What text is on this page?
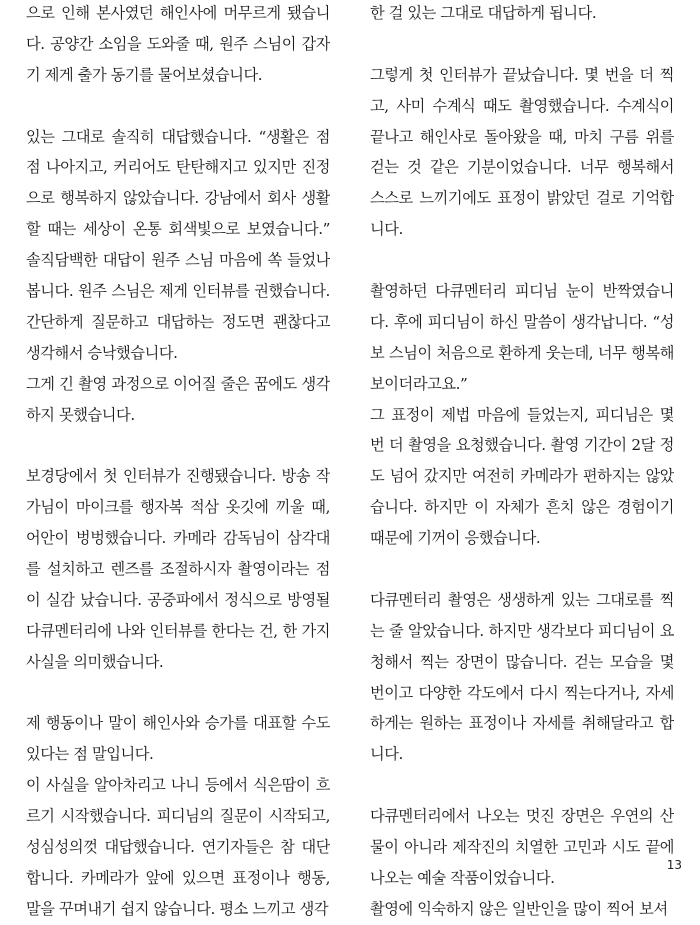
으로 인해 본사였던 해인사에 머무르게 됐습니
다. 공양간 소임을 도와줄 때, 원주 스님이 갑자
기 제게 출가 동기를 물어보셨습니다.
있는 그대로 솔직히 대답했습니다. “생활은 점
점 나아지고, 커리어도 탄탄해지고 있지만 진정
으로 행복하지 않았습니다. 강남에서 회사 생활
할 때는 세상이 온통 회색빛으로 보였습니다.”
솔직담백한 대답이 원주 스님 마음에 쏙 들었나
봅니다. 원주 스님은 제게 인터뷰를 권했습니다.
간단하게 질문하고 대답하는 정도면 괜찮다고
생각해서 승낙했습니다.
그게 긴 촬영 과정으로 이어질 줄은 꿈에도 생각
하지 못했습니다.
보경당에서 첫 인터뷰가 진행됐습니다. 방송 작
가님이 마이크를 행자복 적삼 옷깃에 끼울 때,
어안이 벙벙했습니다. 카메라 감독님이 삼각대
를 설치하고 렌즈를 조절하시자 촬영이라는 점
이 실감 났습니다. 공중파에서 정식으로 방영될
다큐멘터리에 나와 인터뷰를 한다는 건, 한 가지
사실을 의미했습니다.
제 행동이나 말이 해인사와 승가를 대표할 수도
있다는 점 말입니다.
이 사실을 알아차리고 나니 등에서 식은땀이 흐
르기 시작했습니다. 피디님의 질문이 시작되고,
성심성의껏 대답했습니다. 연기자들은 참 대단
합니다. 카메라가 앞에 있으면 표정이나 행동,
말을 꾸며내기 쉽지 않습니다. 평소 느끼고 생각
한 걸 있는 그대로 대답하게 됩니다.
그렇게 첫 인터뷰가 끝났습니다. 몇 번을 더 찍
고, 사미 수계식 때도 촬영했습니다. 수계식이
끝나고 해인사로 돌아왔을 때, 마치 구름 위를
걷는 것 같은 기분이었습니다. 너무 행복해서
스스로 느끼기에도 표정이 밝았던 걸로 기억합
니다.
촬영하던 다큐멘터리 피디님 눈이 반짝였습니
다. 후에 피디님이 하신 말씀이 생각납니다. “성
보 스님이 처음으로 환하게 웃는데, 너무 행복해
보이더라고요.”
그 표정이 제법 마음에 들었는지, 피디님은 몇
번 더 촬영을 요청했습니다. 촬영 기간이 2달 정
도 넘어 갔지만 여전히 카메라가 편하지는 않았
습니다. 하지만 이 자체가 흔치 않은 경험이기
때문에 기꺼이 응했습니다.
다큐멘터리 촬영은 생생하게 있는 그대로를 찍
는 줄 알았습니다. 하지만 생각보다 피디님이 요
청해서 찍는 장면이 많습니다. 걷는 모습을 몇
번이고 다양한 각도에서 다시 찍는다거나, 자세
하게는 원하는 표정이나 자세를 취해달라고 합
니다.
다큐멘터리에서 나오는 멋진 장면은 우연의 산
물이 아니라 제작진의 치열한 고민과 시도 끝에
나오는 예술 작품이었습니다.
촬영에 익숙하지 않은 일반인을 많이 찍어 보셔
13
